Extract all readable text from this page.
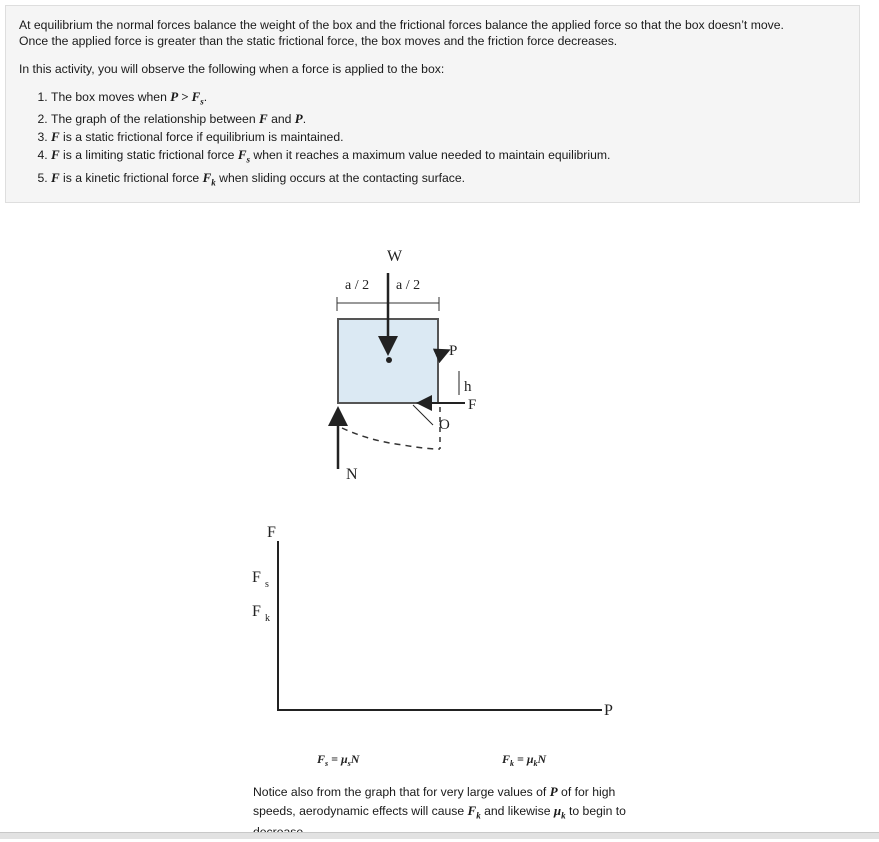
At equilibrium the normal forces balance the weight of the box and the frictional forces balance the applied force so that the box doesn’t move.

Once the applied force is greater than the static frictional force, the box moves and the friction force decreases.

In this activity, you will observe the following when a force is applied to the box:

1. The box moves when $P > F_s$.
2. The graph of the relationship between F and P.
3. F is a static frictional force if equilibrium is maintained.
4. F is a limiting static frictional force $F_s$ when it reaches a maximum value needed to maintain equilibrium.
5. F is a kinetic frictional force $F_k$ when sliding occurs at the contacting surface.
W
a / 2 a / 2
P
h
F
O
N
F
F s
F k
P
$F_s = \mu_sN$	$F_k = \mu_kN$
Notice also from the graph that for very large values of P of for high speeds, aerodynamic effects will cause $F_k$ and likewise $\mu_k$ to begin to
